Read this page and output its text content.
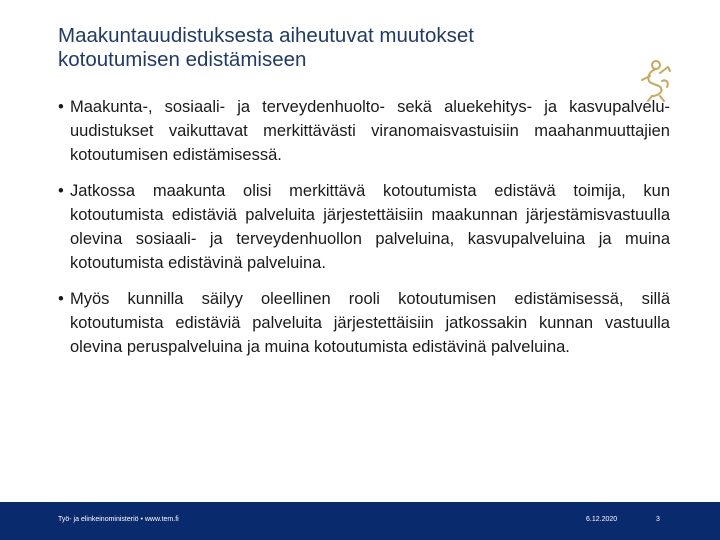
Maakuntauudistuksesta aiheutuvat muutokset
kotoutumisen edistämiseen
• Maakunta-, sosiaali- ja terveydenhuolto- sekä aluekehitys- ja kasvupalvelu-uudistukset vaikuttavat merkittävästi viranomaisvastuisiin maahanmuuttajien kotoutumisen edistämisessä.
• Jatkossa maakunta olisi merkittävä kotoutumista edistävä toimija, kun kotoutumista edistäviä palveluita järjestettäisiin maakunnan järjestämisvastuulla olevina sosiaali- ja terveydenhuollon palveluina, kasvupalveluina ja muina kotoutumista edistävinä palveluina.
• Myös kunnilla säilyy oleellinen rooli kotoutumisen edistämisessä, sillä kotoutumista edistäviä palveluita järjestettäisiin jatkossakin kunnan vastuulla olevina peruspalveluina ja muina kotoutumista edistävinä palveluina.
Työ- ja elinkeinoministeriö • www.tem.fi	6.12.2020	3
